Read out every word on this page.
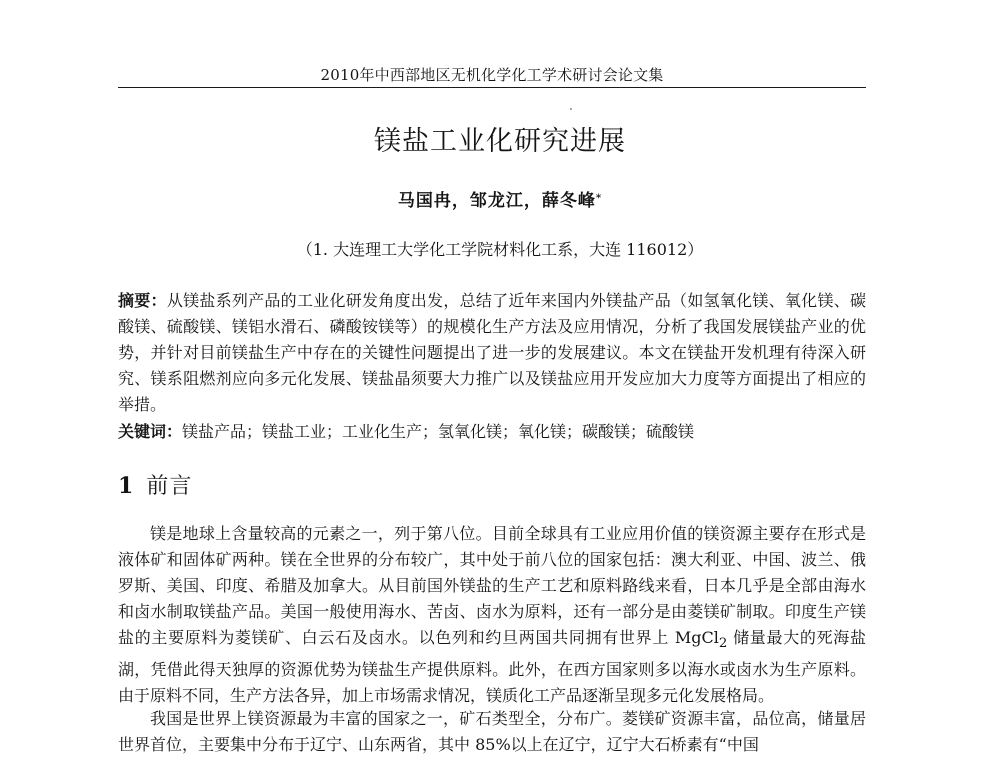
2010年中西部地区无机化学化工学术研讨会论文集
镁盐工业化研究进展
马国冉，邹龙江，薛冬峰*
（1. 大连理工大学化工学院材料化工系，大连 116012）

摘要：从镁盐系列产品的工业化研发角度出发，总结了近年来国内外镁盐产品（如氢氧化镁、氧化镁、碳酸镁、硫酸镁、镁铝水滑石、磷酸铵镁等）的规模化生产方法及应用情况，分析了我国发展镁盐产业的优势，并针对目前镁盐生产中存在的关键性问题提出了进一步的发展建议。本文在镁盐开发机理有待深入研究、镁系阻燃剂应向多元化发展、镁盐晶须要大力推广以及镁盐应用开发应加大力度等方面提出了相应的举措。

关键词：镁盐产品；镁盐工业；工业化生产；氢氧化镁；氧化镁；碳酸镁；硫酸镁

1 前言

镁是地球上含量较高的元素之一，列于第八位。目前全球具有工业应用价值的镁资源主要存在形式是液体矿和固体矿两种。镁在全世界的分布较广，其中处于前八位的国家包括：澳大利亚、中国、波兰、俄罗斯、美国、印度、希腊及加拿大。从目前国外镁盐的生产工艺和原料路线来看，日本几乎是全部由海水和卤水制取镁盐产品。美国一般使用海水、苦卤、卤水为原料，还有一部分是由菱镁矿制取。印度生产镁盐的主要原料为菱镁矿、白云石及卤水。以色列和约旦两国共同拥有世界上 MgCl$_2$ 储量最大的死海盐湖，凭借此得天独厚的资源优势为镁盐生产提供原料。此外，在西方国家则多以海水或卤水为生产原料。由于原料不同，生产方法各异，加上市场需求情况，镁质化工产品逐渐呈现多元化发展格局。

我国是世界上镁资源最为丰富的国家之一，矿石类型全，分布广。菱镁矿资源丰富，品位高，储量居世界首位，主要集中分布于辽宁、山东两省，其中 85%以上在辽宁，辽宁大石桥素有“中国
